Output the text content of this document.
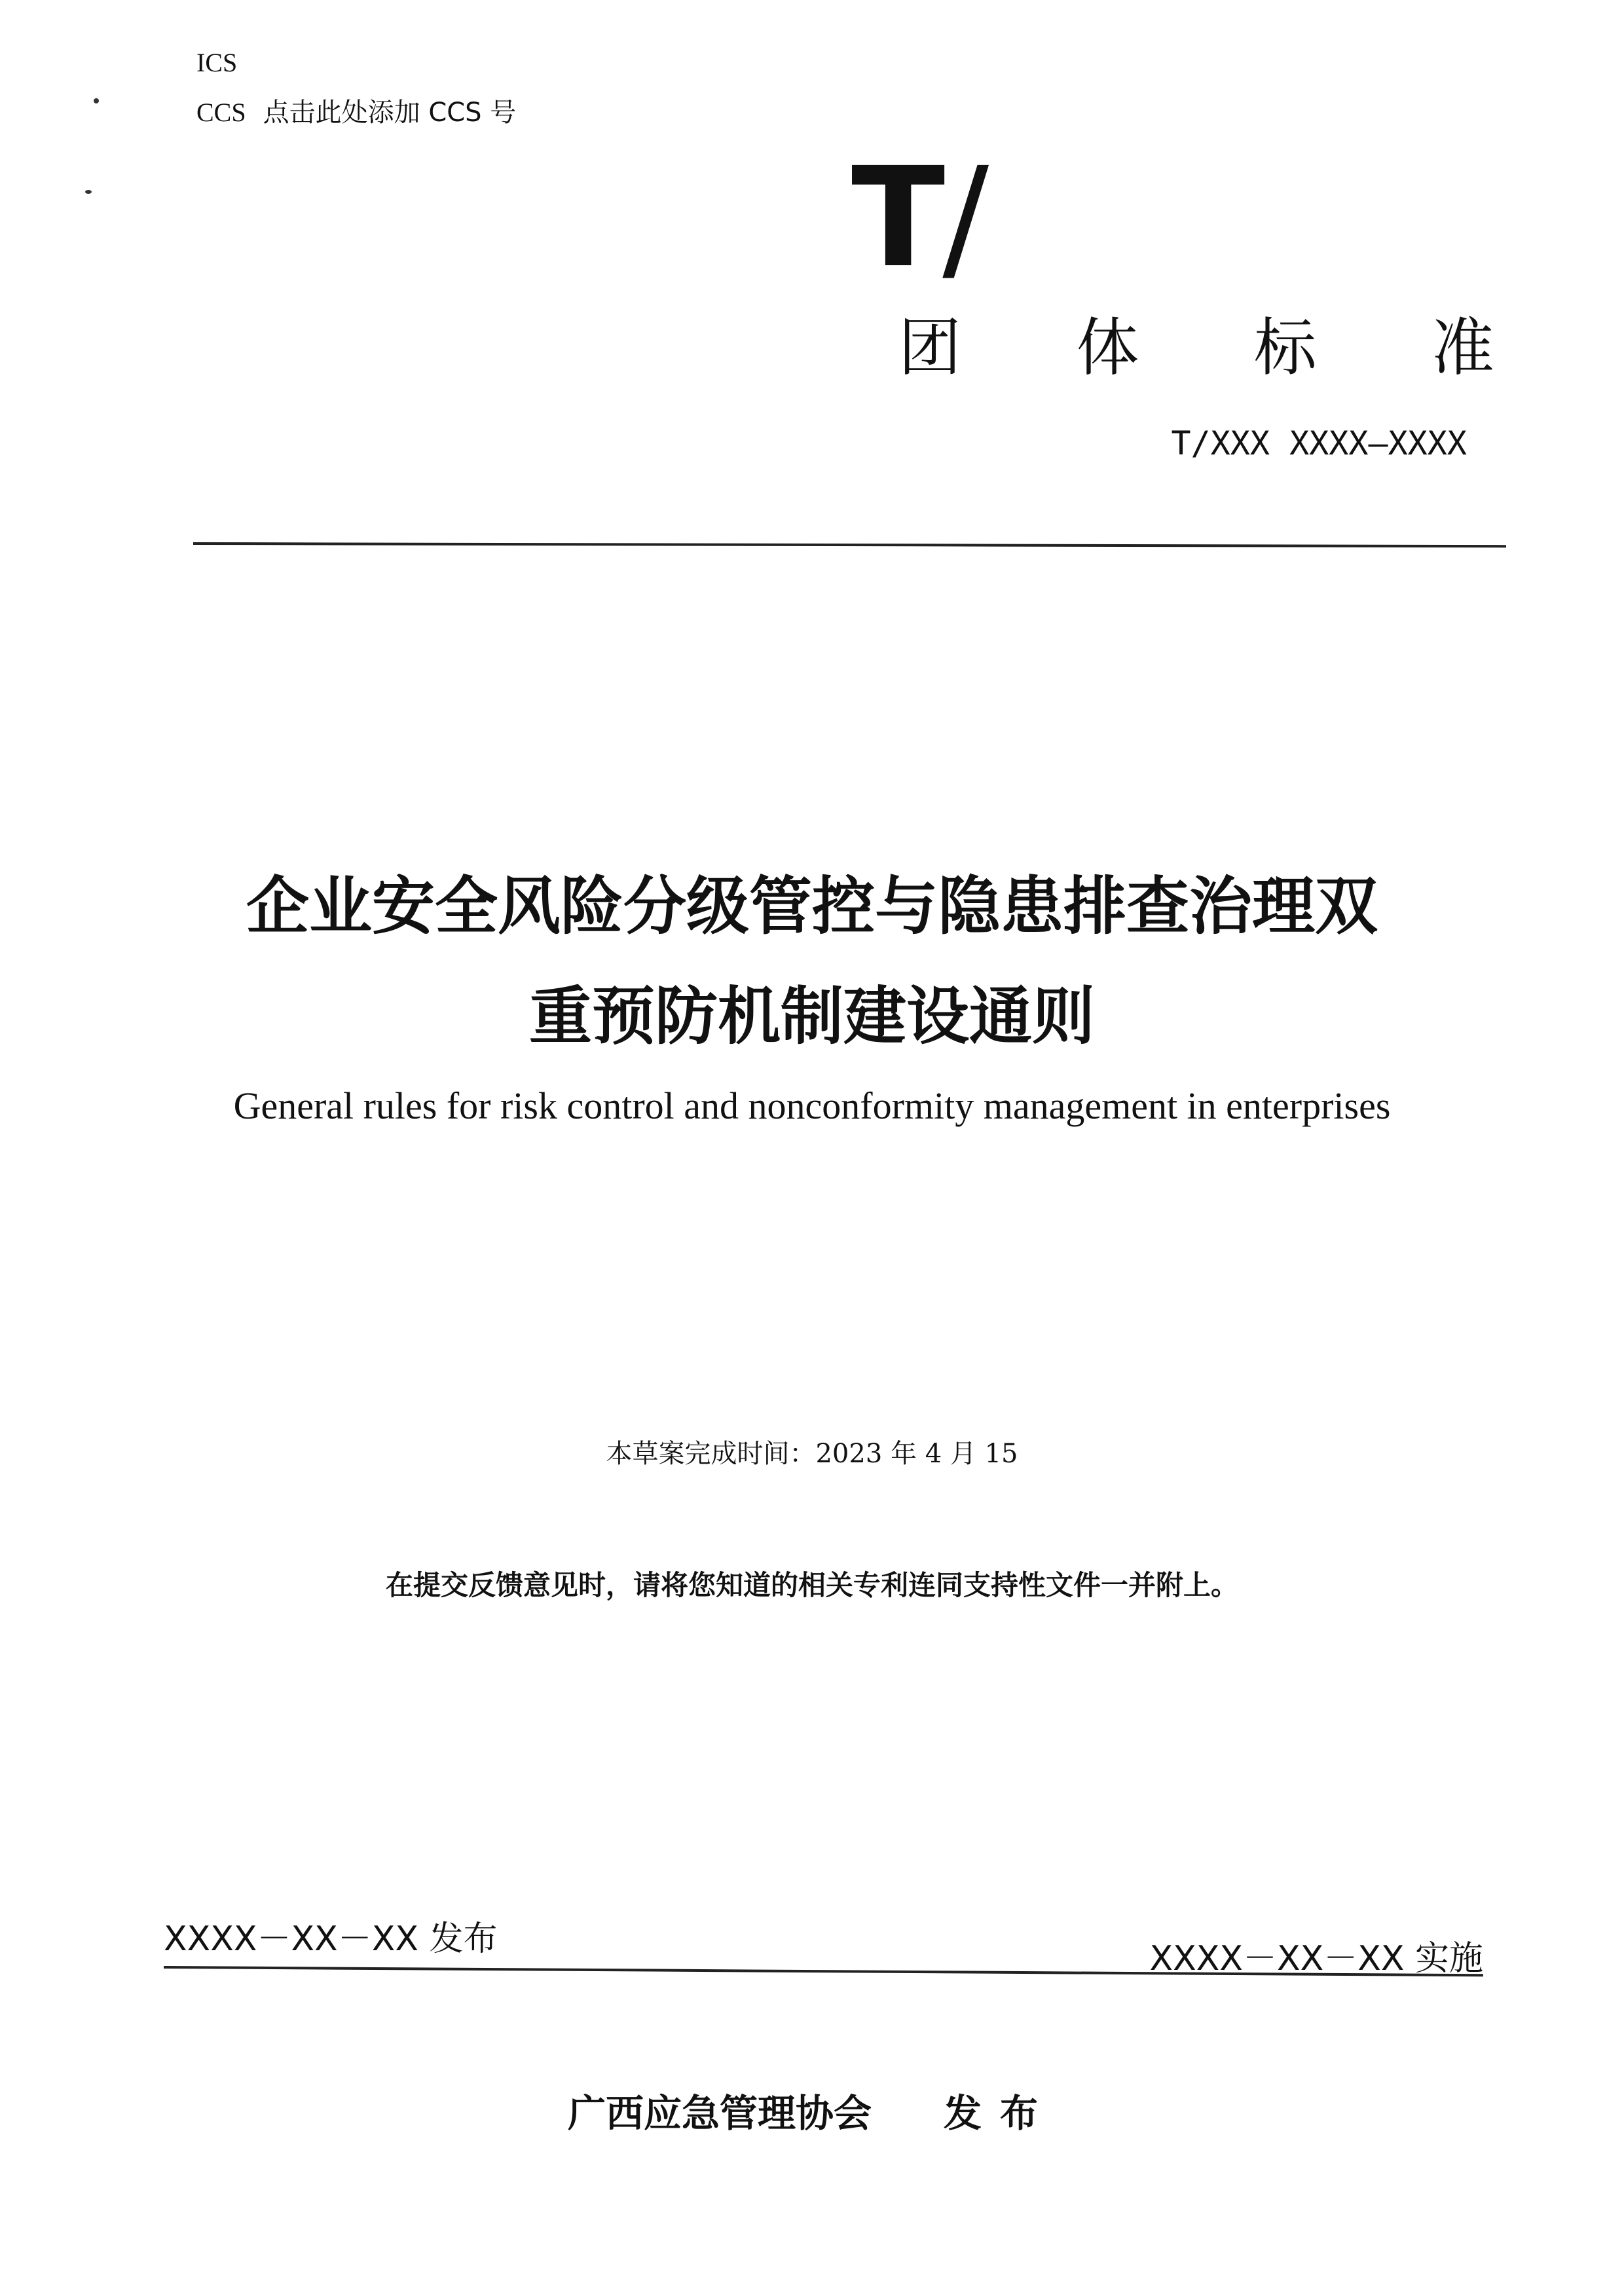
ICS
CCS 点击此处添加 CCS 号
T/
团 体 标 准
T/XXX XXXX—XXXX
企业安全风险分级管控与隐患排查治理双
重预防机制建设通则
General rules for risk control and nonconformity management in enterprises
本草案完成时间：2023 年 4 月 15
在提交反馈意见时，请将您知道的相关专利连同支持性文件一并附上。
XXXX－XX－XX 发布	XXXX－XX－XX 实施
广西应急管理协会 发布
